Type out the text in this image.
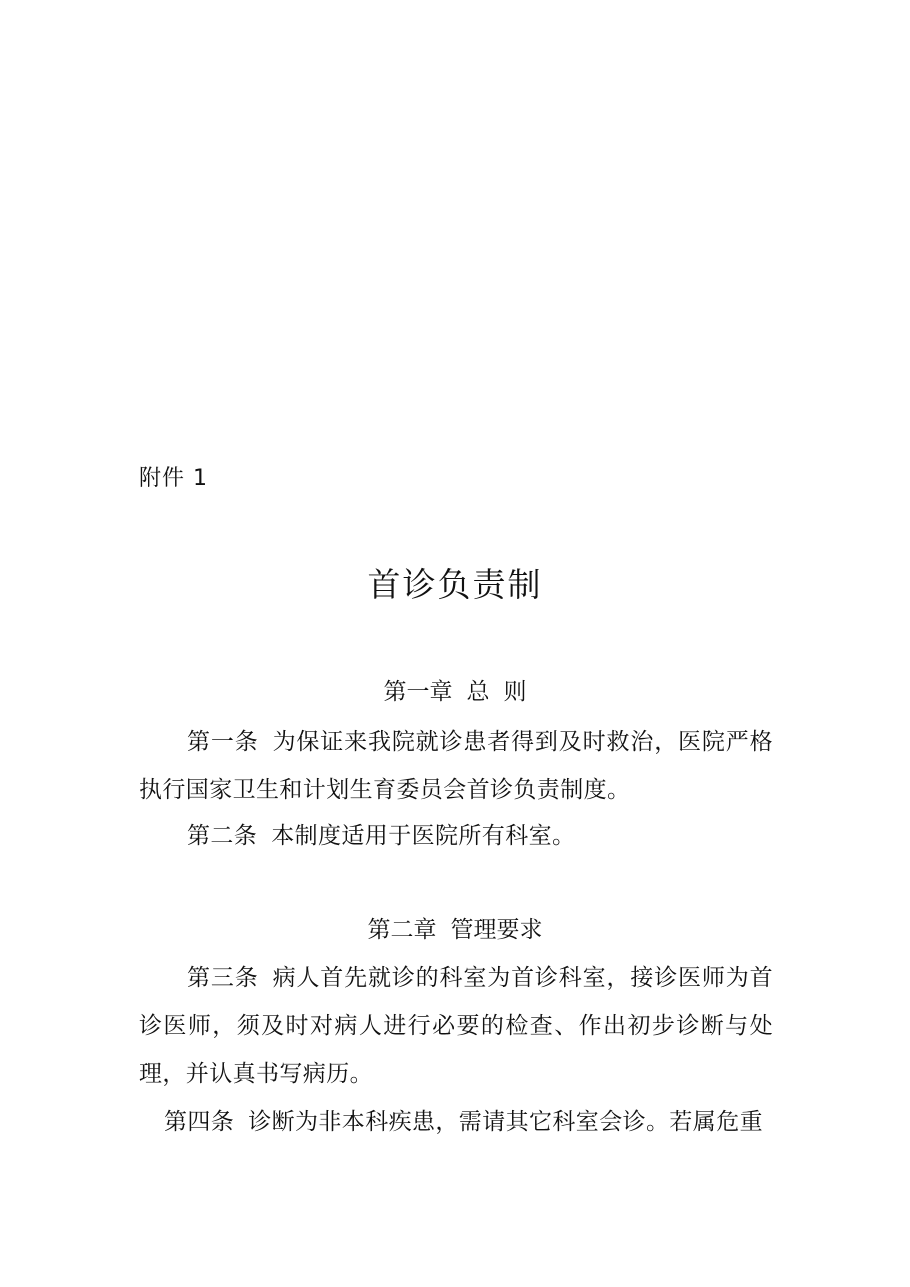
附件 1
首诊负责制
第一章 总 则
第一条 为保证来我院就诊患者得到及时救治，医院严格执行国家卫生和计划生育委员会首诊负责制度。
第二条 本制度适用于医院所有科室。
第二章 管理要求
第三条 病人首先就诊的科室为首诊科室，接诊医师为首诊医师，须及时对病人进行必要的检查、作出初步诊断与处理，并认真书写病历。
第四条 诊断为非本科疾患，需请其它科室会诊。若属危重
